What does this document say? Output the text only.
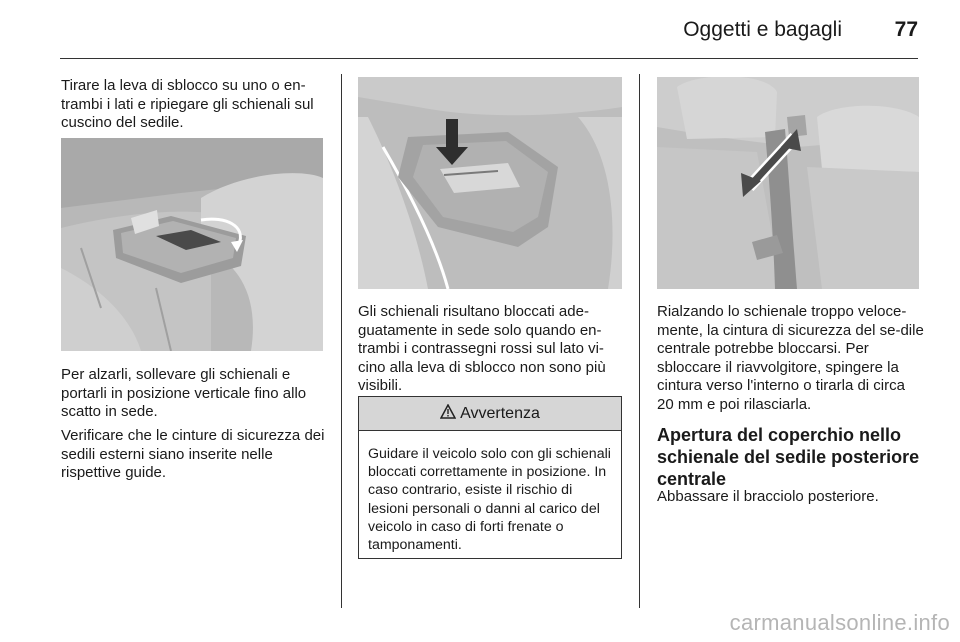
Oggetti e bagagli	77
Tirare la leva di sblocco su uno o en-trambi i lati e ripiegare gli schienali sul cuscino del sedile.
Per alzarli, sollevare gli schienali e portarli in posizione verticale fino allo scatto in sede.
Verificare che le cinture di sicurezza dei sedili esterni siano inserite nelle rispettive guide.
Gli schienali risultano bloccati ade-guatamente in sede solo quando en-trambi i contrassegni rossi sul lato vi-cino alla leva di sblocco non sono più visibili.
Avvertenza
Guidare il veicolo solo con gli schienali bloccati correttamente in posizione. In caso contrario, esiste il rischio di lesioni personali o danni al carico del veicolo in caso di forti frenate o tamponamenti.
Rialzando lo schienale troppo veloce-mente, la cintura di sicurezza del se-dile centrale potrebbe bloccarsi. Per sbloccare il riavvolgitore, spingere la cintura verso l'interno o tirarla di circa 20 mm e poi rilasciarla.
Apertura del coperchio nello schienale del sedile posteriore centrale
Abbassare il bracciolo posteriore.
carmanualsonline.info
